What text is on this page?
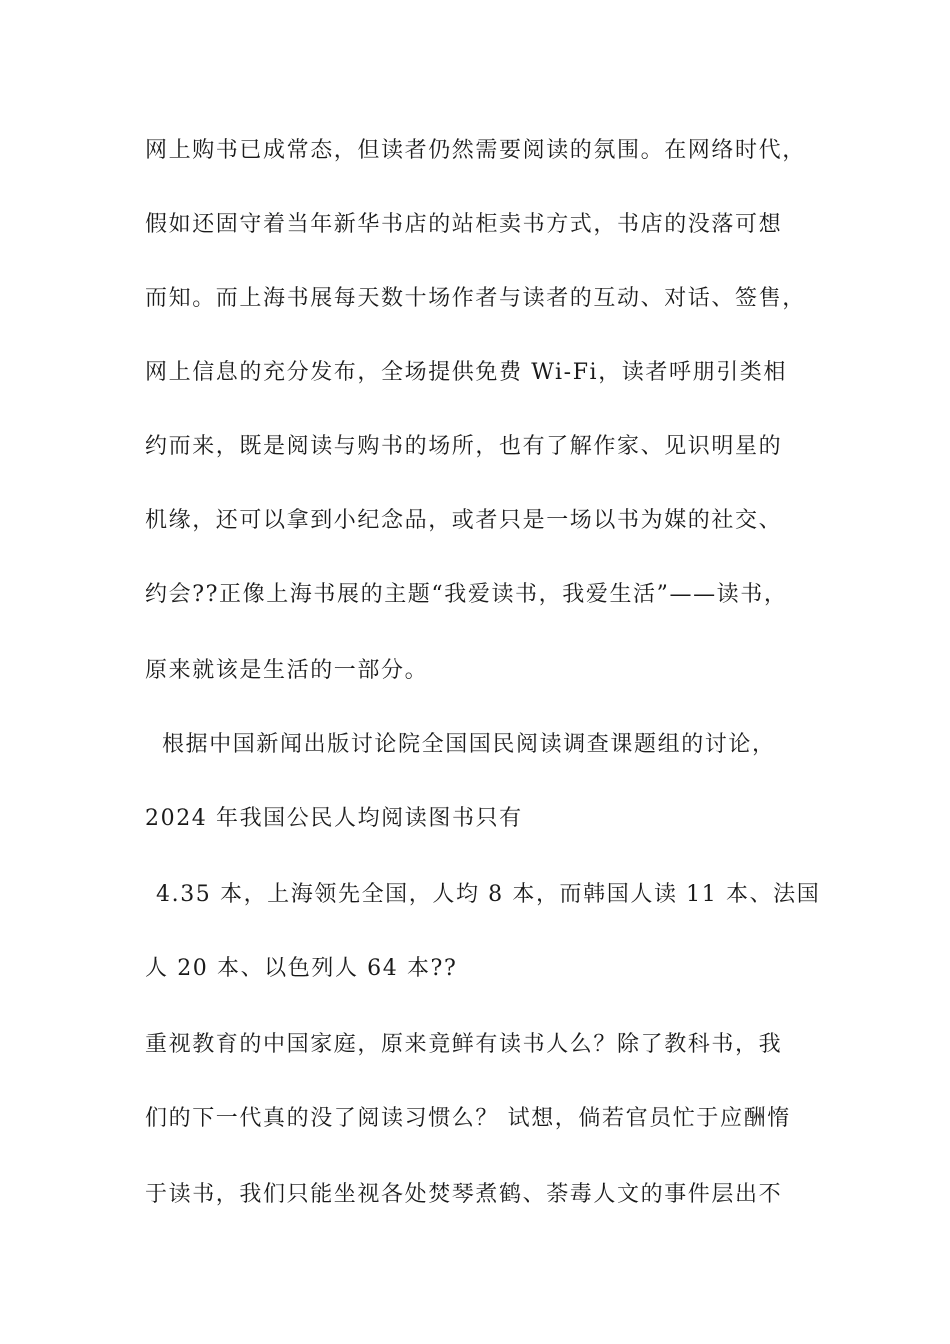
网上购书已成常态，但读者仍然需要阅读的氛围。在网络时代，
假如还固守着当年新华书店的站柜卖书方式，书店的没落可想
而知。而上海书展每天数十场作者与读者的互动、对话、签售，
网上信息的充分发布，全场提供免费 Wi-Fi，读者呼朋引类相
约而来，既是阅读与购书的场所，也有了解作家、见识明星的
机缘，还可以拿到小纪念品，或者只是一场以书为媒的社交、
约会??正像上海书展的主题“我爱读书，我爱生活”——读书，
原来就该是生活的一部分。
根据中国新闻出版讨论院全国国民阅读调查课题组的讨论，
2024 年我国公民人均阅读图书只有
4.35 本，上海领先全国，人均 8 本，而韩国人读 11 本、法国
人 20 本、以色列人 64 本??
重视教育的中国家庭，原来竟鲜有读书人么？除了教科书，我
们的下一代真的没了阅读习惯么？ 试想，倘若官员忙于应酬惰
于读书，我们只能坐视各处焚琴煮鹤、荼毒人文的事件层出不
